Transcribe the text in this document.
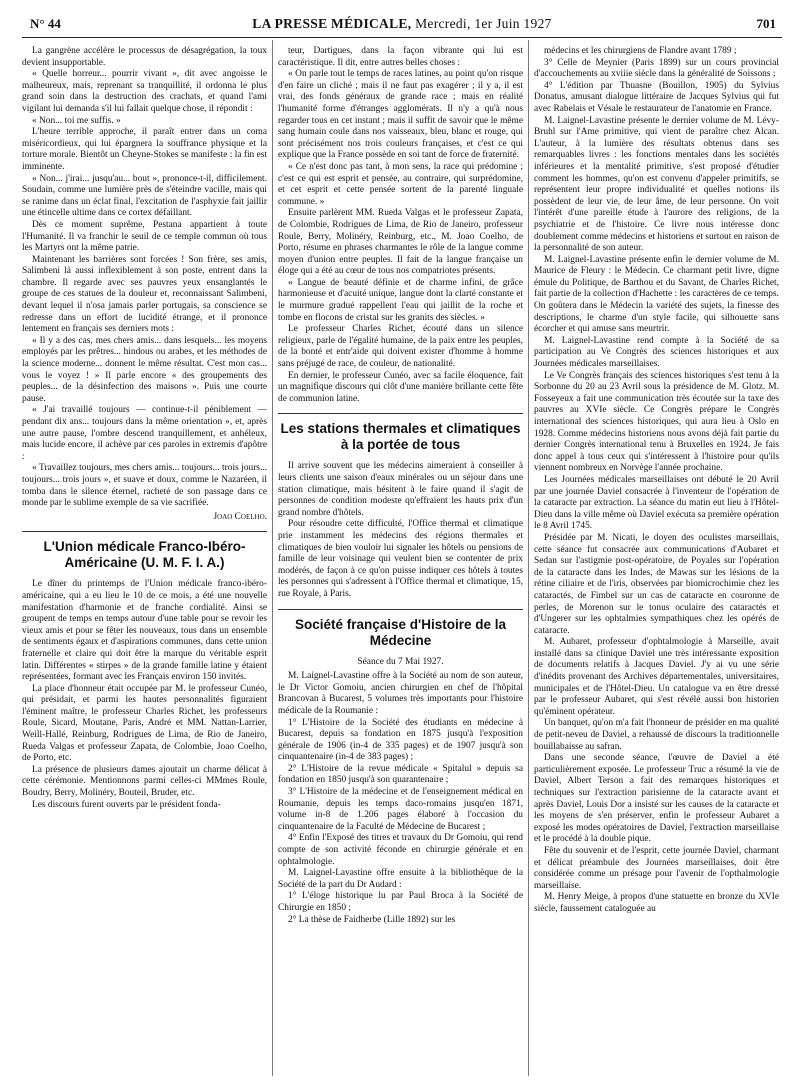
N° 44	LA PRESSE MÉDICALE, Mercredi, 1er Juin 1927	701

La gangrène accélère le processus de désagrégation, la toux devient insupportable.

« Quelle horreur... pourrir vivant », dit avec angoisse le malheureux, mais, reprenant sa tranquillité, il ordonna le plus grand soin dans la destruction des crachats, et quand l'ami vigilant lui demanda s'il lui fallait quelque chose, il répondit :

« Non... toi me suffis. »

L'heure terrible approche, il paraît entrer dans un coma miséricordieux, qui lui épargnera la souffrance physique et la torture morale. Bientôt un Cheyne-Stokes se manifeste : la fin est imminente.

« Non... j'irai... jusqu'au... bout », prononce-t-il, difficilement. Soudain, comme une lumière près de s'éteindre vacille, mais qui se ranime dans un éclat final, l'excitation de l'asphyxie fait jaillir une étincelle ultime dans ce cortex défaillant.

Dès ce moment suprême, Pestana appartient à toute l'Humanité. Il va franchir le seuil de ce temple commun où tous les Martyrs ont la même patrie.

Maintenant les barrières sont forcées ! Son frère, ses amis, Salimbeni là aussi inflexiblement à son poste, entrent dans la chambre. Il regarde avec ses pauvres yeux ensanglantés le groupe de ces statues de la douleur et, reconnaissant Salimbeni, devant lequel il n'osa jamais parler portugais, sa conscience se redresse dans un effort de lucidité étrange, et il prononce lentement en français ses derniers mots :

« Il y a des cas, mes chers amis... dans lesquels... les moyens employés par les prêtres... hindous ou arabes, et les méthodes de la science moderne... donnent le même résultat. C'est mon cas... vous le voyez ! » Il parle encore « des groupements des peuples... de la désinfection des maisons ». Puis une courte pause.

« J'ai travaillé toujours — continue-t-il péniblement — pendant dix ans... toujours dans la même orientation », et, après une autre pause, l'ombre descend tranquillement, et anhéleux, mais lucide encore, il achève par ces paroles in extremis d'apôtre :

« Travaillez toujours, mes chers amis... toujours... trois jours... toujours... trois jours », et suave et doux, comme le Nazaréen, il tomba dans le silence éternel, racheté de son passage dans ce monde par le sublime exemple de sa vie sacrifiée.

Joao Coelho.
L'Union médicale Franco-Ibéro-Américaine (U. M. F. I. A.)

Le dîner du printemps de l'Union médicale franco-ibéro-américaine, qui a eu lieu le 10 de ce mois, a été une nouvelle manifestation d'harmonie et de franche cordialité. Ainsi se groupent de temps en temps autour d'une table pour se revoir les vieux amis et pour se fêter les nouveaux, tous dans un ensemble de sentiments égaux et d'aspirations communes, dans cette union fraternelle et claire qui doit être la marque du véritable esprit latin. Différentes « stirpes » de la grande famille latine y étaient représentées, formant avec les Français environ 150 invités.

La place d'honneur était occupée par M. le professeur Cunéo, qui présidait, et parmi les hautes personnalités figuraient l'éminent maître, le professeur Charles Richet, les professeurs Roule, Sicard, Moutane, Paris, André et MM. Nattan-Larrier, Weill-Hallé, Reinburg, Rodrigues de Lima, de Rio de Janeiro, Rueda Valgas et professeur Zapata, de Colombie, Joao Coelho, de Porto, etc.

La présence de plusieurs dames ajoutait un charme délicat à cette cérémonie. Mentionnons parmi celles-ci MMmes Roule, Boudry, Berry, Molinéry, Bouteil, Bruder, etc.

Les discours furent ouverts par le président fonda-

teur, Dartigues, dans la façon vibrante qui lui est caractéristique. Il dit, entre autres belles choses :

« On parle tout le temps de races latines, au point qu'on risque d'en faire un cliché ; mais il ne faut pas exagérer ; il y a, il est vrai, des fonds généraux de grande race ; mais en réalité l'humanité forme d'étranges agglomérats. Il n'y a qu'à nous regarder tous en cet instant ; mais il suffit de savoir que le même sang humain coule dans nos vaisseaux, bleu, blanc et rouge, qui sont précisément nos trois couleurs françaises, et c'est ce qui explique que la France possède en soi tant de force de fraternité.

« Ce n'est donc pas tant, à mon sens, la race qui prédomine ; c'est ce qui est esprit et pensée, au contraire, qui surprédomine, et cet esprit et cette pensée sortent de la parenté linguale commune. »

Ensuite parlèrent MM. Rueda Valgas et le professeur Zapata, de Colombie, Rodrigues de Lima, de Rio de Janeiro, professeur Roule, Berry, Molinéry, Reinburg, etc., M. Joao Coelho, de Porto, résume en phrases charmantes le rôle de la langue comme moyen d'union entre peuples. Il fait de la langue française un éloge qui a été au cœur de tous nos compatriotes présents.

« Langue de beauté définie et de charme infini, de grâce harmonieuse et d'acuité unique, langue dont la clarté constante et le murmure gradué rappellent l'eau qui jaillit de la roche et tombe en flocons de cristal sur les granits des siècles. »

Le professeur Charles Richet, écouté dans un silence religieux, parle de l'égalité humaine, de la paix entre les peuples, de la bonté et entr'aide qui doivent exister d'homme à homme sans préjugé de race, de couleur, de nationalité.

En dernier, le professeur Cunéo, avec sa facile éloquence, fait un magnifique discours qui clôt d'une manière brillante cette fête de communion latine.

Les stations thermales et climatiques à la portée de tous

Il arrive souvent que les médecins aimeraient à conseiller à leurs clients une saison d'eaux minérales ou un séjour dans une station climatique, mais hésitent à le faire quand il s'agit de personnes de condition modeste qu'effraient les hauts prix d'un grand nombre d'hôtels.

Pour résoudre cette difficulté, l'Office thermal et climatique prie instamment les médecins des régions thermales et climatiques de bien vouloir lui signaler les hôtels ou pensions de famille de leur voisinage qui veulent bien se contenter de prix modérés, de façon à ce qu'on puisse indiquer ces hôtels à toutes les personnes qui s'adressent à l'Office thermal et climatique, 15, rue Royale, à Paris.

Société française d'Histoire de la Médecine

Séance du 7 Mai 1927.

M. Laignel-Lavastine offre à la Société au nom de son auteur, le Dr Victor Gomoiu, ancien chirurgien en chef de l'hôpital Brancovan à Bucarest, 5 volumes très importants pour l'histoire médicale de la Roumanie :

1° L'Histoire de la Société des étudiants en médecine à Bucarest, depuis sa fondation en 1875 jusqu'à l'exposition générale de 1906 (in-4 de 335 pages) et de 1907 jusqu'à son cinquantenaire (in-4 de 383 pages) ;

2° L'Histoire de la revue médicale « Spitalul » depuis sa fondation en 1850 jusqu'à son quarantenaire ;

3° L'Histoire de la médecine et de l'enseignement médical en Roumanie, depuis les temps daco-romains jusqu'en 1871, volume in-8 de 1.206 pages élaboré à l'occasion du cinquantenaire de la Faculté de Médecine de Bucarest ;

4° Enfin l'Exposé des titres et travaux du Dr Gomoiu, qui rend compte de son activité féconde en chirurgie générale et en ophtalmologie.

M. Laignel-Lavastine offre ensuite à la bibliothèque de la Société de la part du Dr Audard :

1° L'éloge historique lu par Paul Broca à la Société de Chirurgie en 1850 ;

2° La thèse de Faidherbe (Lille 1892) sur les

médecins et les chirurgiens de Flandre avant 1789 ;

3° Celle de Meynier (Paris 1899) sur un cours provincial d'accouchements au xviiie siècle dans la généralité de Soissons ;

4° L'édition par Thuasne (Bouillon, 1905) du Sylvius Donatus, amusant dialogue littéraire de Jacques Sylvius qui fut avec Rabelais et Vésale le restaurateur de l'anatomie en France.

M. Laignel-Lavastine présente le dernier volume de M. Lévy-Bruhl sur l'Ame primitive, qui vient de paraître chez Alcan. L'auteur, à la lumière des résultats obtenus dans ses remarquables livres : les fonctions mentales dans les sociétés inférieures et la mentalité primitive, s'est proposé d'étudier comment les hommes, qu'on est convenu d'appeler primitifs, se représentent leur propre individualité et quelles notions ils possèdent de leur vie, de leur âme, de leur personne. On voit l'intérêt d'une pareille étude à l'aurore des religions, de la psychiatrie et de l'histoire. Ce livre nous intéresse donc doublement comme médecins et historiens et surtout en raison de la personnalité de son auteur.

M. Laignel-Lavastine présente enfin le dernier volume de M. Maurice de Fleury : le Médecin. Ce charmant petit livre, digne émule du Politique, de Barthou et du Savant, de Charles Richet, fait partie de la collection d'Hachette : les caractères de ce temps. On goûtera dans le Médecin la variété des sujets, la finesse des descriptions, le charme d'un style facile, qui silhouette sans écorcher et qui amuse sans meurtrir.

M. Laignel-Lavastine rend compte à la Société de sa participation au Ve Congrès des sciences historiques et aux Journées médicales marseillaises.

Le Ve Congrès français des sciences historiques s'est tenu à la Sorbonne du 20 au 23 Avril sous la présidence de M. Glotz. M. Fosseyeux a fait une communication très écoutée sur la taxe des pauvres au XVIe siècle. Ce Congrès prépare le Congrès international des sciences historiques, qui aura lieu à Oslo en 1928. Comme médecins historiens nous avons déjà fait partie du dernier Congrès international tenu à Bruxelles en 1924. Je fais donc appel à tous ceux qui s'intéressent à l'histoire pour qu'ils viennent nombreux en Norvège l'année prochaine.

Les Journées médicales marseillaises ont débuté le 20 Avril par une journée Daviel consacrée à l'inventeur de l'opération de la cataracte par extraction. La séance du matin eut lieu à l'Hôtel-Dieu dans la ville même où Daviel exécuta sa première opération le 8 Avril 1745.

Présidée par M. Nicati, le doyen des oculistes marseillais, cette séance fut consacrée aux communications d'Aubaret et Sedan sur l'astigmie post-opératoire, de Poyales sur l'opération de la cataracte dans les Indes, de Mawas sur les lésions de la rétine ciliaire et de l'iris, observées par biomicrochimie chez les cataractés, de Fimbel sur un cas de cataracte en couronne de perles, de Morenon sur le tonus oculaire des cataractés et d'Ungerer sur les ophtalmies sympathiques chez les opérés de cataracte.

M. Aubaret, professeur d'ophtalmologie à Marseille, avait installé dans sa clinique Daviel une très intéressante exposition de documents relatifs à Jacques Daviel. J'y ai vu une série d'inédits provenant des Archives départementales, universitaires, municipales et de l'Hôtel-Dieu. Un catalogue va en être dressé par le professeur Aubaret, qui s'est révélé aussi bon historien qu'éminent opérateur.

Un banquet, qu'on m'a fait l'honneur de présider en ma qualité de petit-neveu de Daviel, a rehaussé de discours la traditionnelle bouillabaisse au safran.

Dans une seconde séance, l'œuvre de Daviel a été particulièrement exposée. Le professeur Truc a résumé la vie de Daviel, Albert Terson a fait des remarques historiques et techniques sur l'extraction parisienne de la cataracte avant et après Daviel, Louis Dor a insisté sur les causes de la cataracte et les moyens de s'en préserver, enfin le professeur Aubaret a exposé les modes opératoires de Daviel, l'extraction marseillaise et le procédé à la double pique.

Fête du souvenir et de l'esprit, cette journée Daviel, charmant et délicat préambule des Journées marseillaises, doit être considérée comme un présage pour l'avenir de l'opthalmologie marseillaise.

M. Henry Meige, à propos d'une statuette en bronze du XVIe siècle, faussement cataloguée au
